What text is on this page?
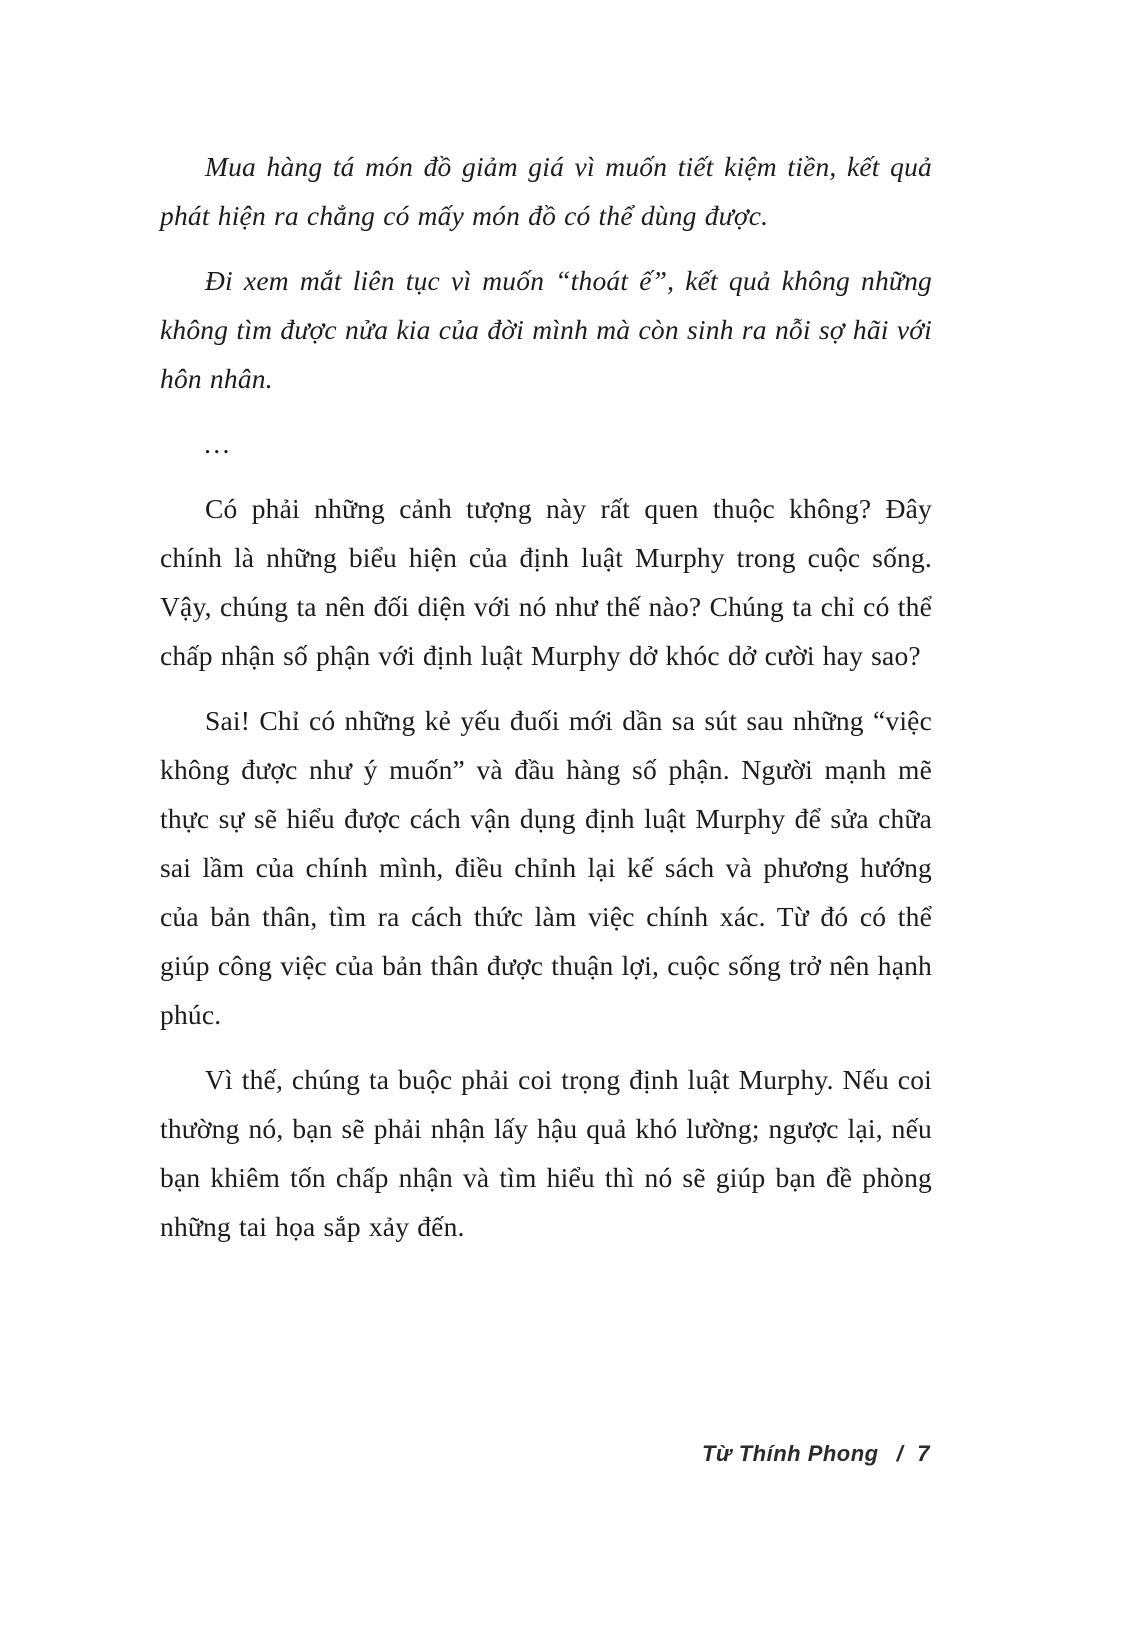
Mua hàng tá món đồ giảm giá vì muốn tiết kiệm tiền, kết quả phát hiện ra chẳng có mấy món đồ có thể dùng được.

Đi xem mắt liên tục vì muốn “thoát ế”, kết quả không những không tìm được nửa kia của đời mình mà còn sinh ra nỗi sợ hãi với hôn nhân.

…

Có phải những cảnh tượng này rất quen thuộc không? Đây chính là những biểu hiện của định luật Murphy trong cuộc sống. Vậy, chúng ta nên đối diện với nó như thế nào? Chúng ta chỉ có thể chấp nhận số phận với định luật Murphy dở khóc dở cười hay sao?

Sai! Chỉ có những kẻ yếu đuối mới dần sa sút sau những “việc không được như ý muốn” và đầu hàng số phận. Người mạnh mẽ thực sự sẽ hiểu được cách vận dụng định luật Murphy để sửa chữa sai lầm của chính mình, điều chỉnh lại kế sách và phương hướng của bản thân, tìm ra cách thức làm việc chính xác. Từ đó có thể giúp công việc của bản thân được thuận lợi, cuộc sống trở nên hạnh phúc.

Vì thế, chúng ta buộc phải coi trọng định luật Murphy. Nếu coi thường nó, bạn sẽ phải nhận lấy hậu quả khó lường; ngược lại, nếu bạn khiêm tốn chấp nhận và tìm hiểu thì nó sẽ giúp bạn đề phòng những tai họa sắp xảy đến.

Từ Thính Phong / 7
